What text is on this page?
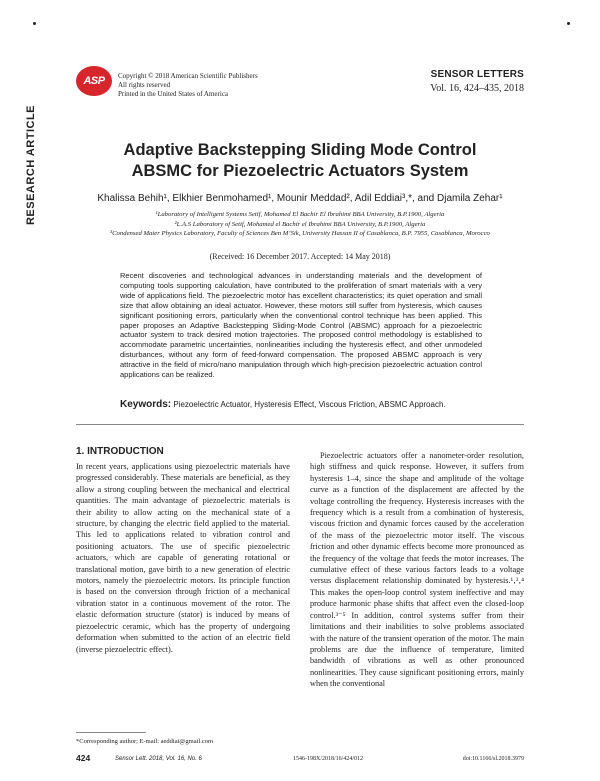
ASP Copyright © 2018 American Scientific Publishers
All rights reserved
Printed in the United States of America
SENSOR LETTERS
Vol. 16, 424–435, 2018
RESEARCH ARTICLE	Adaptive Backstepping Sliding Mode Control
ABSMC for Piezoelectric Actuators System
Khalissa Behih¹, Elkhier Benmohamed¹, Mounir Meddad², Adil Eddiai³,*, and Djamila Zehar¹
¹Laboratory of Intelligent Systems Setif, Mohamed El Bachir El Ibrahimi BBA University, B.P.1900, Algeria
²L.A.S Laboratory of Setif, Mohamed el Bachir el Ibrahimi BBA University, B.P.1900, Algeria
³Condensed Mater Physics Laboratory, Faculty of Sciences Ben M’Sik, University Hassan II of Casablanca, B.P. 7955, Casablanca, Morocco
(Received: 16 December 2017. Accepted: 14 May 2018)
Recent discoveries and technological advances in understanding materials and the development of computing tools supporting calculation, have contributed to the proliferation of smart materials with a very wide of applications field. The piezoelectric motor has excellent characteristics; its quiet operation and small size that allow obtaining an ideal actuator. However, these motors still suffer from hysteresis, which causes significant positioning errors, particularly when the conventional control technique has been applied. This paper proposes an Adaptive Backstepping Sliding-Mode Control (ABSMC) approach for a piezoelectric actuator system to track desired motion trajectories. The proposed control methodology is established to accommodate parametric uncertainties, nonlinearities including the hysteresis effect, and other unmodeled disturbances, without any form of feed-forward compensation. The proposed ABSMC approach is very attractive in the field of micro/nano manipulation through which high-precision piezoelectric actuation control applications can be realized.
Keywords: Piezoelectric Actuator, Hysteresis Effect, Viscous Friction, ABSMC Approach.
1. INTRODUCTION

In recent years, applications using piezoelectric materials have progressed considerably. These materials are beneficial, as they allow a strong coupling between the mechanical and electrical quantities. The main advantage of piezoelectric materials is their ability to allow acting on the mechanical state of a structure, by changing the electric field applied to the material. This led to applications related to vibration control and positioning actuators. The use of specific piezoelectric actuators, which are capable of generating rotational or translational motion, gave birth to a new generation of electric motors, namely the piezoelectric motors. Its principle function is based on the conversion through friction of a mechanical vibration stator in a continuous movement of the rotor. The elastic deformation structure (stator) is induced by means of piezoelectric ceramic, which has the property of undergoing deformation when submitted to the action of an electric field (inverse piezoelectric effect).

Piezoelectric actuators offer a nanometer-order resolution, high stiffness and quick response. However, it suffers from hysteresis 1–4, since the shape and amplitude of the voltage curve as a function of the displacement are affected by the voltage controlling the frequency. Hysteresis increases with the frequency which is a result from a combination of hysteresis, viscous friction and dynamic forces caused by the acceleration of the mass of the piezoelectric motor itself. The viscous friction and other dynamic effects become more pronounced as the frequency of the voltage that feeds the motor increases. The cumulative effect of these various factors leads to a voltage versus displacement relationship dominated by hysteresis.¹‚²‚⁴ This makes the open-loop control system ineffective and may produce harmonic phase shifts that affect even the closed-loop control.³⁻⁵ In addition, control systems suffer from their limitations and their inabilities to solve problems associated with the nature of the transient operation of the motor. The main problems are due the influence of temperature, limited bandwidth of vibrations as well as other pronounced nonlinearities. They cause significant positioning errors, mainly when the conventional
*Corresponding author; E-mail: aeddiai@gmail.com
424	Sensor Lett. 2018, Vol. 16, No. 6	1546-198X/2018/16/424/012	doi:10.1166/sl.2018.3979
